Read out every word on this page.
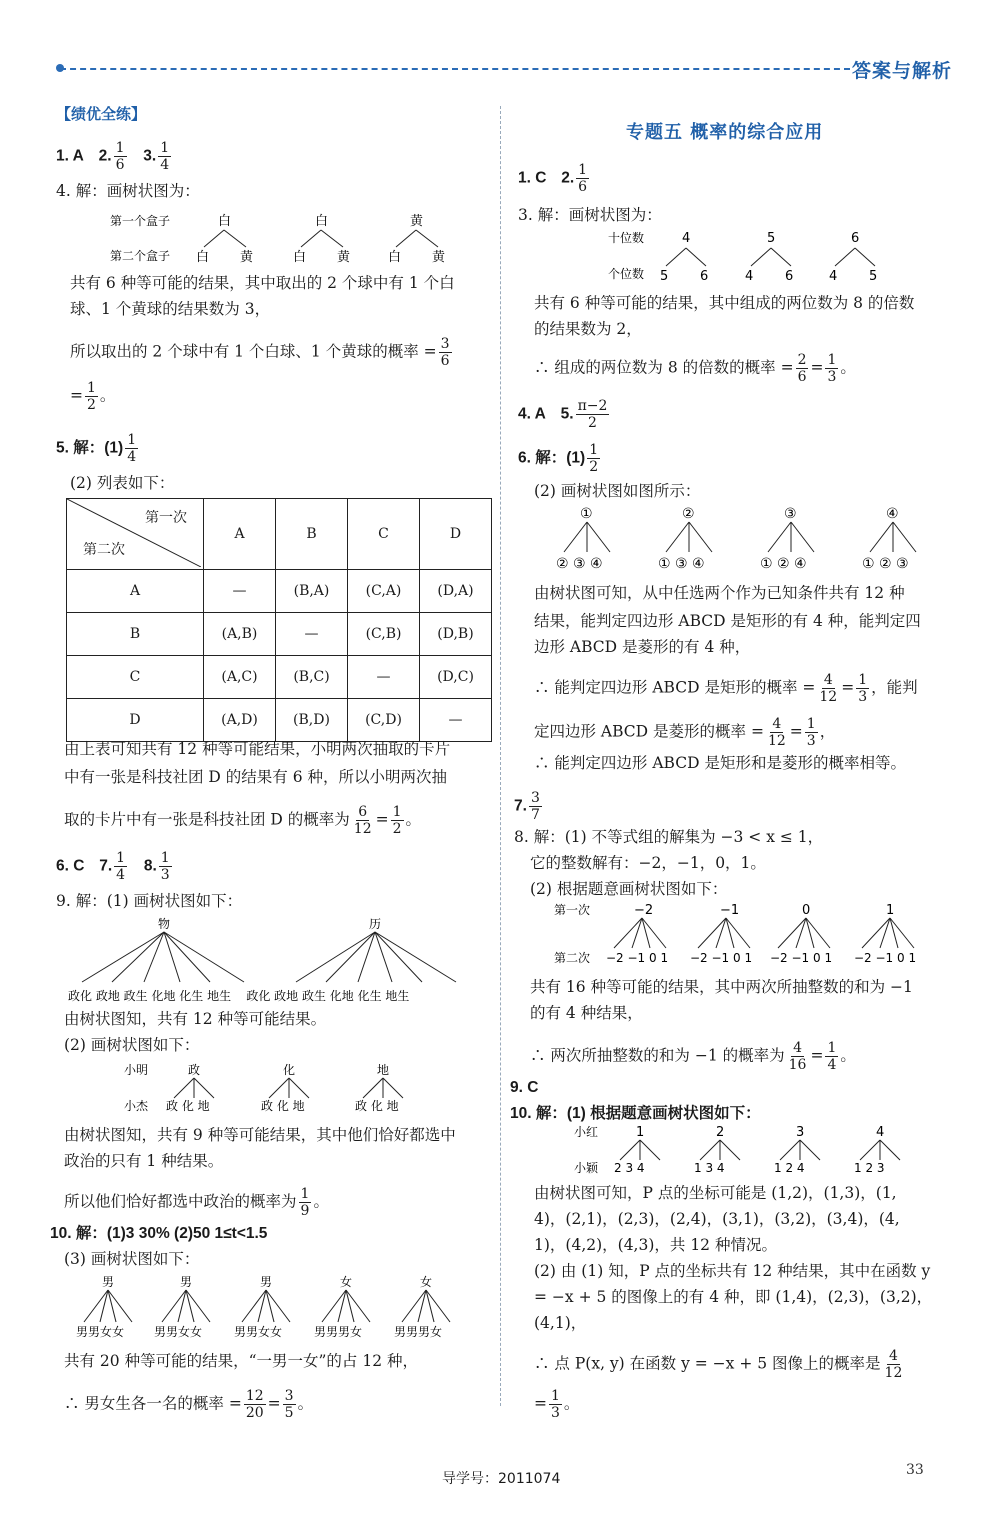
答案与解析
【绩优全练】
1. A 2. $\frac{1}{6} 3$. $\frac{1}{4}$
4. 解：画树状图为：
第一个盒子
第二个盒子
白	白	黄
白 黄	白 黄	白 黄
共有 6 种等可能的结果，其中取出的 2 个球中有 1 个白
球、1 个黄球的结果数为 3，
所以取出的 2 个球中有 1 个白球、1 个黄球的概率 = $\frac{3}{6}$
= $\frac{1}{2}$ 。
5. 解：$(1) \frac{1}{4}$
(2) 列表如下：
第一次
第二次	A	B	C	D
A	—	(B,A)	(C,A)	(D,A)
B	(A,B)	—	(C,B)	(D,B)
C	(A,C)	(B,C)	—	(D,C)
D	(A,D)	(B,D)	(C,D)	—
由上表可知共有 12 种等可能结果，小明两次抽取的卡片
中有一张是科技社团 D 的结果有 6 种，所以小明两次抽
取的卡片中有一张是科技社团 D 的概率为 $\frac{6}{12} = \frac{1}{2}$ 。
6. C 7. $\frac{1}{4} 8$. $\frac{1}{3}$
9. 解：(1) 画树状图如下：
物	历
政化 政地 政生 化地 化生 地生    政化 政地 政生 化地 化生 地生
由树状图知，共有 12 种等可能结果。
(2) 画树状图如下：
小明
小杰
政	化	地
政 化 地	政 化 地	政 化 地
由树状图知，共有 9 种等可能结果，其中他们恰好都选中
政治的只有 1 种结果。
所以他们恰好都选中政治的概率为 $\frac{1}{9}$ 。
10. 解：(1)3 30% (2)50 1≤t<1.5
(3) 画树状图如下：
男	男	男	女	女
男男女女 男男女女	男男女女	男男男女	男男男女
共有 20 种等可能的结果，“一男一女”的占 12 种，
∴ 男女生各一名的概率 = $\frac{12}{20} = \frac{3}{5}$ 。
专题五 概率的综合应用
1. C 2. $\frac{1}{6}$
3. 解：画树状图为：
十位数
个位数
4	5	6
5 6	4 6	4 5
共有 6 种等可能的结果，其中组成的两位数为 8 的倍数
的结果数为 2，
∴ 组成的两位数为 8 的倍数的概率 = $\frac{2}{6} = \frac{1}{3}$ 。
4. A 5. $\frac{\pi-2}{2}$
6. 解：$(1) \frac{1}{2}$
(2) 画树状图如图所示：
①	②	③	④
② ③ ④	① ③ ④	① ② ④	① ② ③
由树状图可知，从中任选两个作为已知条件共有 12 种
结果，能判定四边形 ABCD 是矩形的有 4 种，能判定四
边形 ABCD 是菱形的有 4 种，
∴ 能判定四边形 ABCD 是矩形的概率 = $\frac{4}{12} = \frac{1}{3}$ ，能判
定四边形 ABCD 是菱形的概率 = $\frac{4}{12} = \frac{1}{3}$ ，
∴ 能判定四边形 ABCD 是矩形和是菱形的概率相等。
7. $\frac{3}{7}$
8. 解：(1) 不等式组的解集为 −3 < x ≤ 1，
它的整数解有：−2，−1，0，1。
(2) 根据题意画树状图如下：
第一次
第二次
−2	−1	0	1
−2 −1 0 1 −2 −1 0 1 −2 −1 0 1 −2 −1 0 1
共有 16 种等可能的结果，其中两次所抽整数的和为 −1
的有 4 种结果，
∴ 两次所抽整数的和为 −1 的概率为 $\frac{4}{16} = \frac{1}{4}$ 。
9. C
10. 解：(1) 根据题意画树状图如下：
小红
小颖
1	2	3	4
2 3 4	1 3 4	1 2 4	1 2 3
由树状图可知，P 点的坐标可能是 (1,2)，(1,3)，(1,
4)，(2,1)，(2,3)，(2,4)，(3,1)，(3,2)，(3,4)，(4,
1)，(4,2)，(4,3)，共 12 种情况。
(2) 由 (1) 知，P 点的坐标共有 12 种结果，其中在函数 y
= −x + 5 的图像上的有 4 种，即 (1,4)，(2,3)，(3,2)，
(4,1)，
∴ 点 P(x, y) 在函数 y = −x + 5 图像上的概率是 $\frac{4}{12}$
= $\frac{1}{3}$ 。
导学号：2011074
33
